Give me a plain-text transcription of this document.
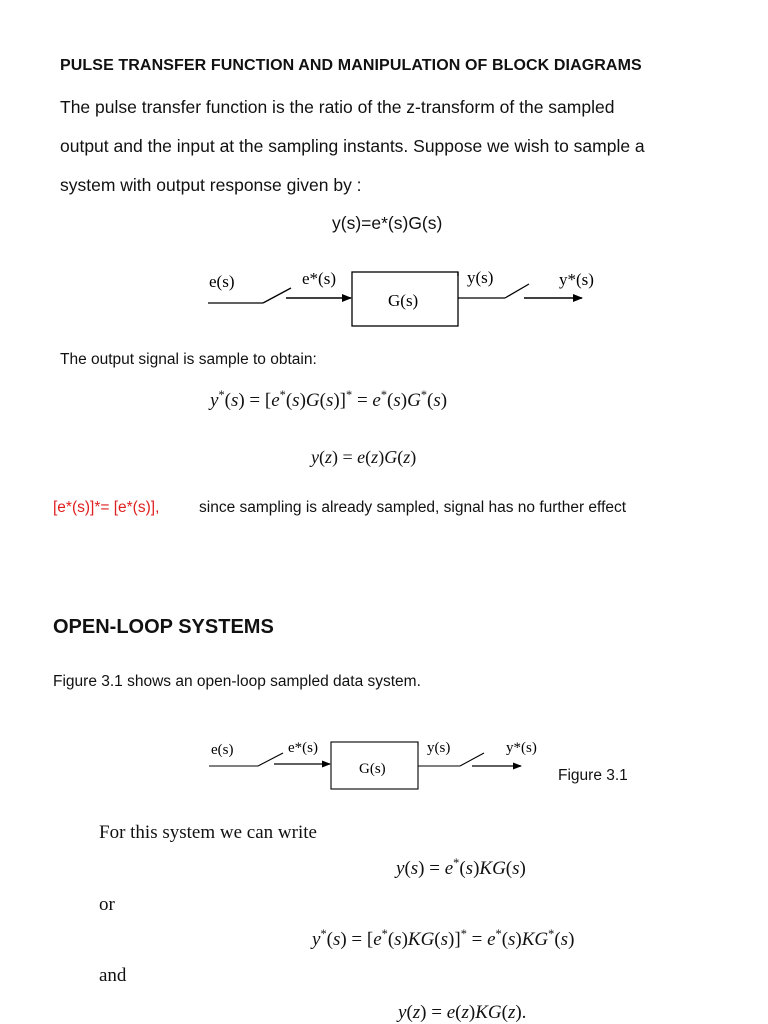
PULSE TRANSFER FUNCTION AND MANIPULATION OF BLOCK DIAGRAMS
The pulse transfer function is the ratio of the z-transform of the sampled
output and the input at the sampling instants. Suppose we wish to sample a
system with output response given by :
y(s)=e*(s)G(s)
e(s)	e*(s)
G(s)
y(s)	y*(s)
The output signal is sample to obtain:
y*(s) = [e*(s)G(s)]* = e*(s)G*(s)
y(z) = e(z)G(z)
[e*(s)]*= [e*(s)],	since sampling is already sampled, signal has no further effect
OPEN-LOOP SYSTEMS
Figure 3.1 shows an open-loop sampled data system.
e(s)	e*(s)
G(s)
y(s)	y*(s)
Figure 3.1
For this system we can write
y(s) = e*(s)KG(s)
or
y*(s) = [e*(s)KG(s)]* = e*(s)KG*(s)
and
y(z) = e(z)KG(z).
